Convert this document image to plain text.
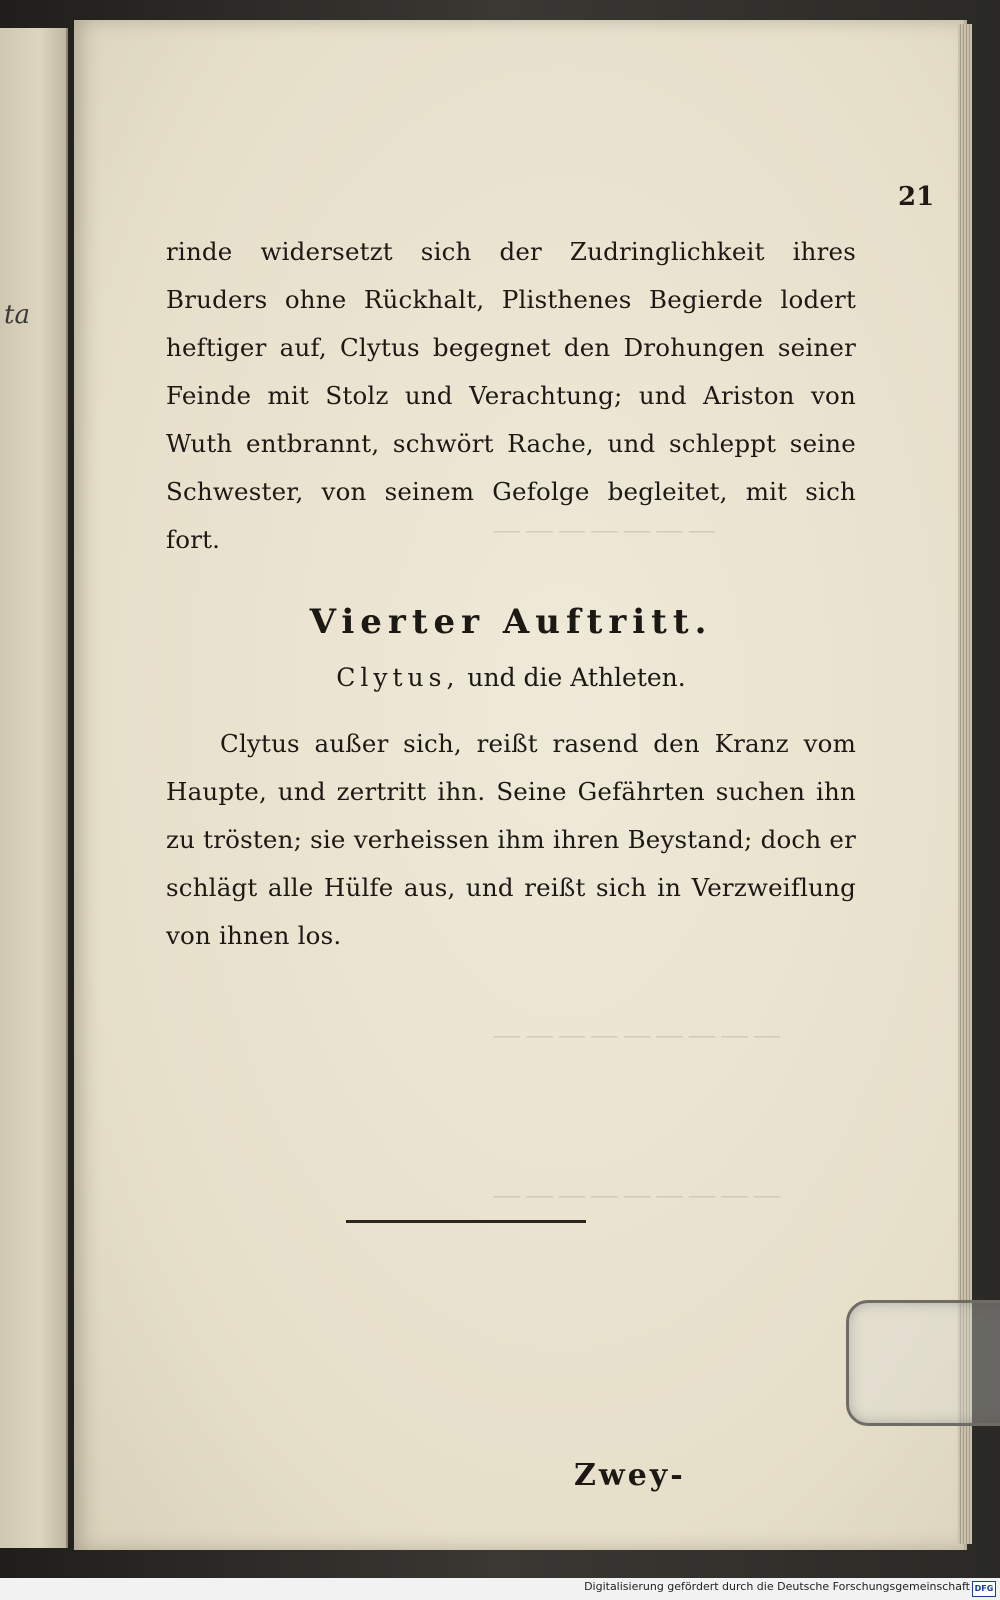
ta
— — — — — — —
— — — — — — — — —
— — — — — — — — —
21

rinde widersetzt sich der Zudringlichkeit ihres Bruders ohne Rückhalt, Plisthenes Begierde lodert heftiger auf, Clytus begegnet den Drohungen seiner Feinde mit Stolz und Verachtung; und Ariston von Wuth entbrannt, schwört Rache, und schleppt seine Schwester, von seinem Gefolge begleitet, mit sich fort.

Vierter Auftritt.
Clytus, und die Athleten.

Clytus außer sich, reißt rasend den Kranz vom Haupte, und zertritt ihn. Seine Gefährten suchen ihn zu trösten; sie verheissen ihm ihren Beystand; doch er schlägt alle Hülfe aus, und reißt sich in Verzweiflung von ihnen los.

Zwey-
Digitalisierung gefördert durch die Deutsche Forschungsgemeinschaft DFG
